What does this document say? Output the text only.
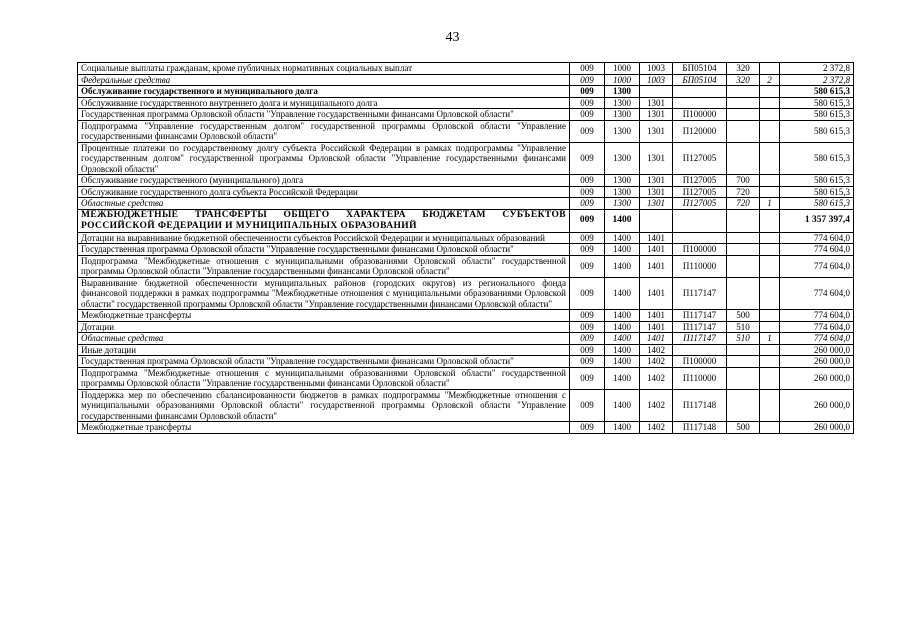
43
Социальные выплаты гражданам, кроме публичных нормативных социальных выплат	009	1000	1003	БП05104	320		2 372,8
Федеральные средства	009	1000	1003	БП05104	320	2	2 372,8
Обслуживание государственного и муниципального долга	009	1300					580 615,3
Обслуживание государственного внутреннего долга и муниципального долга	009	1300	1301				580 615,3
Государственная программа Орловской области "Управление государственными финансами Орловской области"	009	1300	1301	П100000			580 615,3
Подпрограмма "Управление государственным долгом" государственной программы Орловской области "Управление государственными финансами Орловской области"	009	1300	1301	П120000			580 615,3
Процентные платежи по государственному долгу субъекта Российской Федерации в рамках подпрограммы "Управление государственным долгом" государственной программы Орловской области "Управление государственными финансами Орловской области"	009	1300	1301	П127005			580 615,3
Обслуживание государственного (муниципального) долга	009	1300	1301	П127005	700		580 615,3
Обслуживание государственного долга субъекта Российской Федерации	009	1300	1301	П127005	720		580 615,3
Областные средства	009	1300	1301	П127005	720	1	580 615,3
МЕЖБЮДЖЕТНЫЕ ТРАНСФЕРТЫ ОБЩЕГО ХАРАКТЕРА БЮДЖЕТАМ СУБЪЕКТОВ РОССИЙСКОЙ ФЕДЕРАЦИИ И МУНИЦИПАЛЬНЫХ ОБРАЗОВАНИЙ	009	1400					1 357 397,4
Дотации на выравнивание бюджетной обеспеченности субъектов Российской Федерации и муниципальных образований	009	1400	1401				774 604,0
Государственная программа Орловской области "Управление государственными финансами Орловской области"	009	1400	1401	П100000			774 604,0
Подпрограмма "Межбюджетные отношения с муниципальными образованиями Орловской области" государственной программы Орловской области "Управление государственными финансами Орловской области"	009	1400	1401	П110000			774 604,0
Выравнивание бюджетной обеспеченности муниципальных районов (городских округов) из регионального фонда финансовой поддержки в рамках подпрограммы "Межбюджетные отношения с муниципальными образованиями Орловской области" государственной программы Орловской области "Управление государственными финансами Орловской области"	009	1400	1401	П117147			774 604,0
Межбюджетные трансферты	009	1400	1401	П117147	500		774 604,0
Дотации	009	1400	1401	П117147	510		774 604,0
Областные средства	009	1400	1401	П117147	510	1	774 604,0
Иные дотации	009	1400	1402				260 000,0
Государственная программа Орловской области "Управление государственными финансами Орловской области"	009	1400	1402	П100000			260 000,0
Подпрограмма "Межбюджетные отношения с муниципальными образованиями Орловской области" государственной программы Орловской области "Управление государственными финансами Орловской области"	009	1400	1402	П110000			260 000,0
Поддержка мер по обеспечению сбалансированности бюджетов в рамках подпрограммы "Межбюджетные отношения с муниципальными образованиями Орловской области" государственной программы Орловской области "Управление государственными финансами Орловской области"	009	1400	1402	П117148			260 000,0
Межбюджетные трансферты	009	1400	1402	П117148	500		260 000,0
